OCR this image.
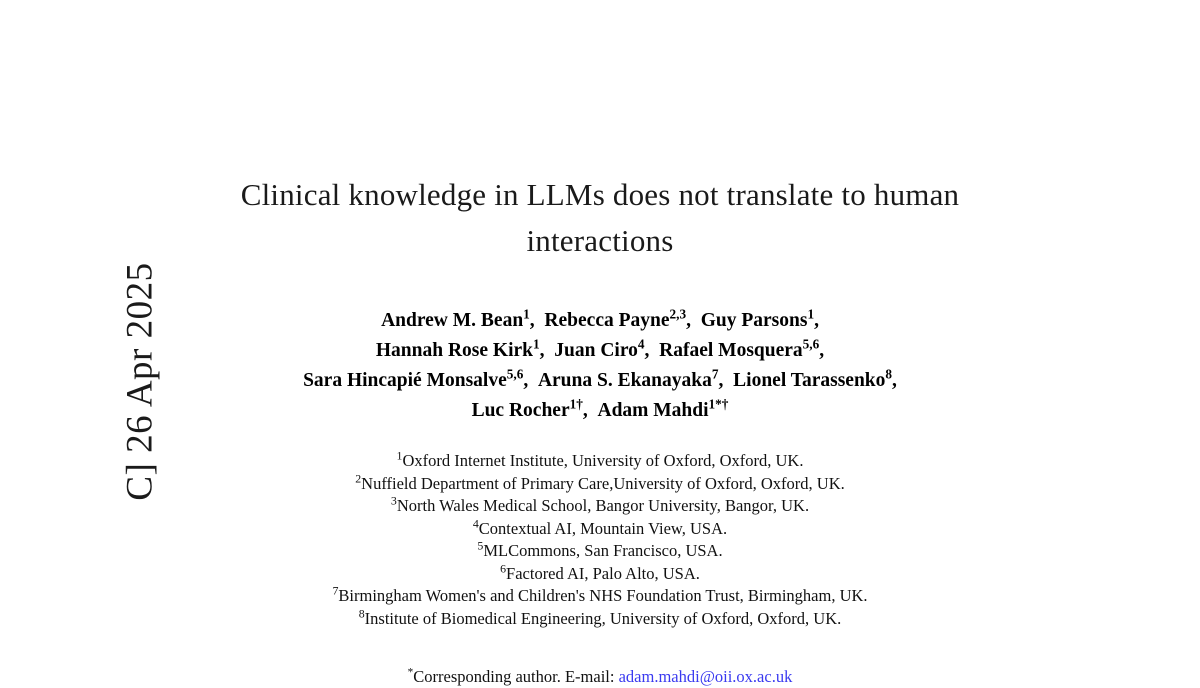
C] 26 Apr 2025
Clinical knowledge in LLMs does not translate to human interactions
Andrew M. Bean$^1$,  Rebecca Payne$^{2,3}$,  Guy Parsons$^1$,
Hannah Rose Kirk$^1$,  Juan Ciro$^4$,  Rafael Mosquera$^{5,6}$,
Sara Hincapié Monsalve$^{5,6}$,  Aruna S. Ekanayaka$^7$,  Lionel Tarassenko$^8$,
Luc Rocher$^{1\dagger}$,  Adam Mahdi$^{1*\dagger}$
$^1$Oxford Internet Institute, University of Oxford, Oxford, UK.
$^2$Nuffield Department of Primary Care,University of Oxford, Oxford, UK.
$^3$North Wales Medical School, Bangor University, Bangor, UK.
$^4$Contextual AI, Mountain View, USA.
$^5$MLCommons, San Francisco, USA.
$^6$Factored AI, Palo Alto, USA.
$^7$Birmingham Women's and Children's NHS Foundation Trust, Birmingham, UK.
$^8$Institute of Biomedical Engineering, University of Oxford, Oxford, UK.
*Corresponding author. E-mail: adam.mahdi@oii.ox.ac.uk
